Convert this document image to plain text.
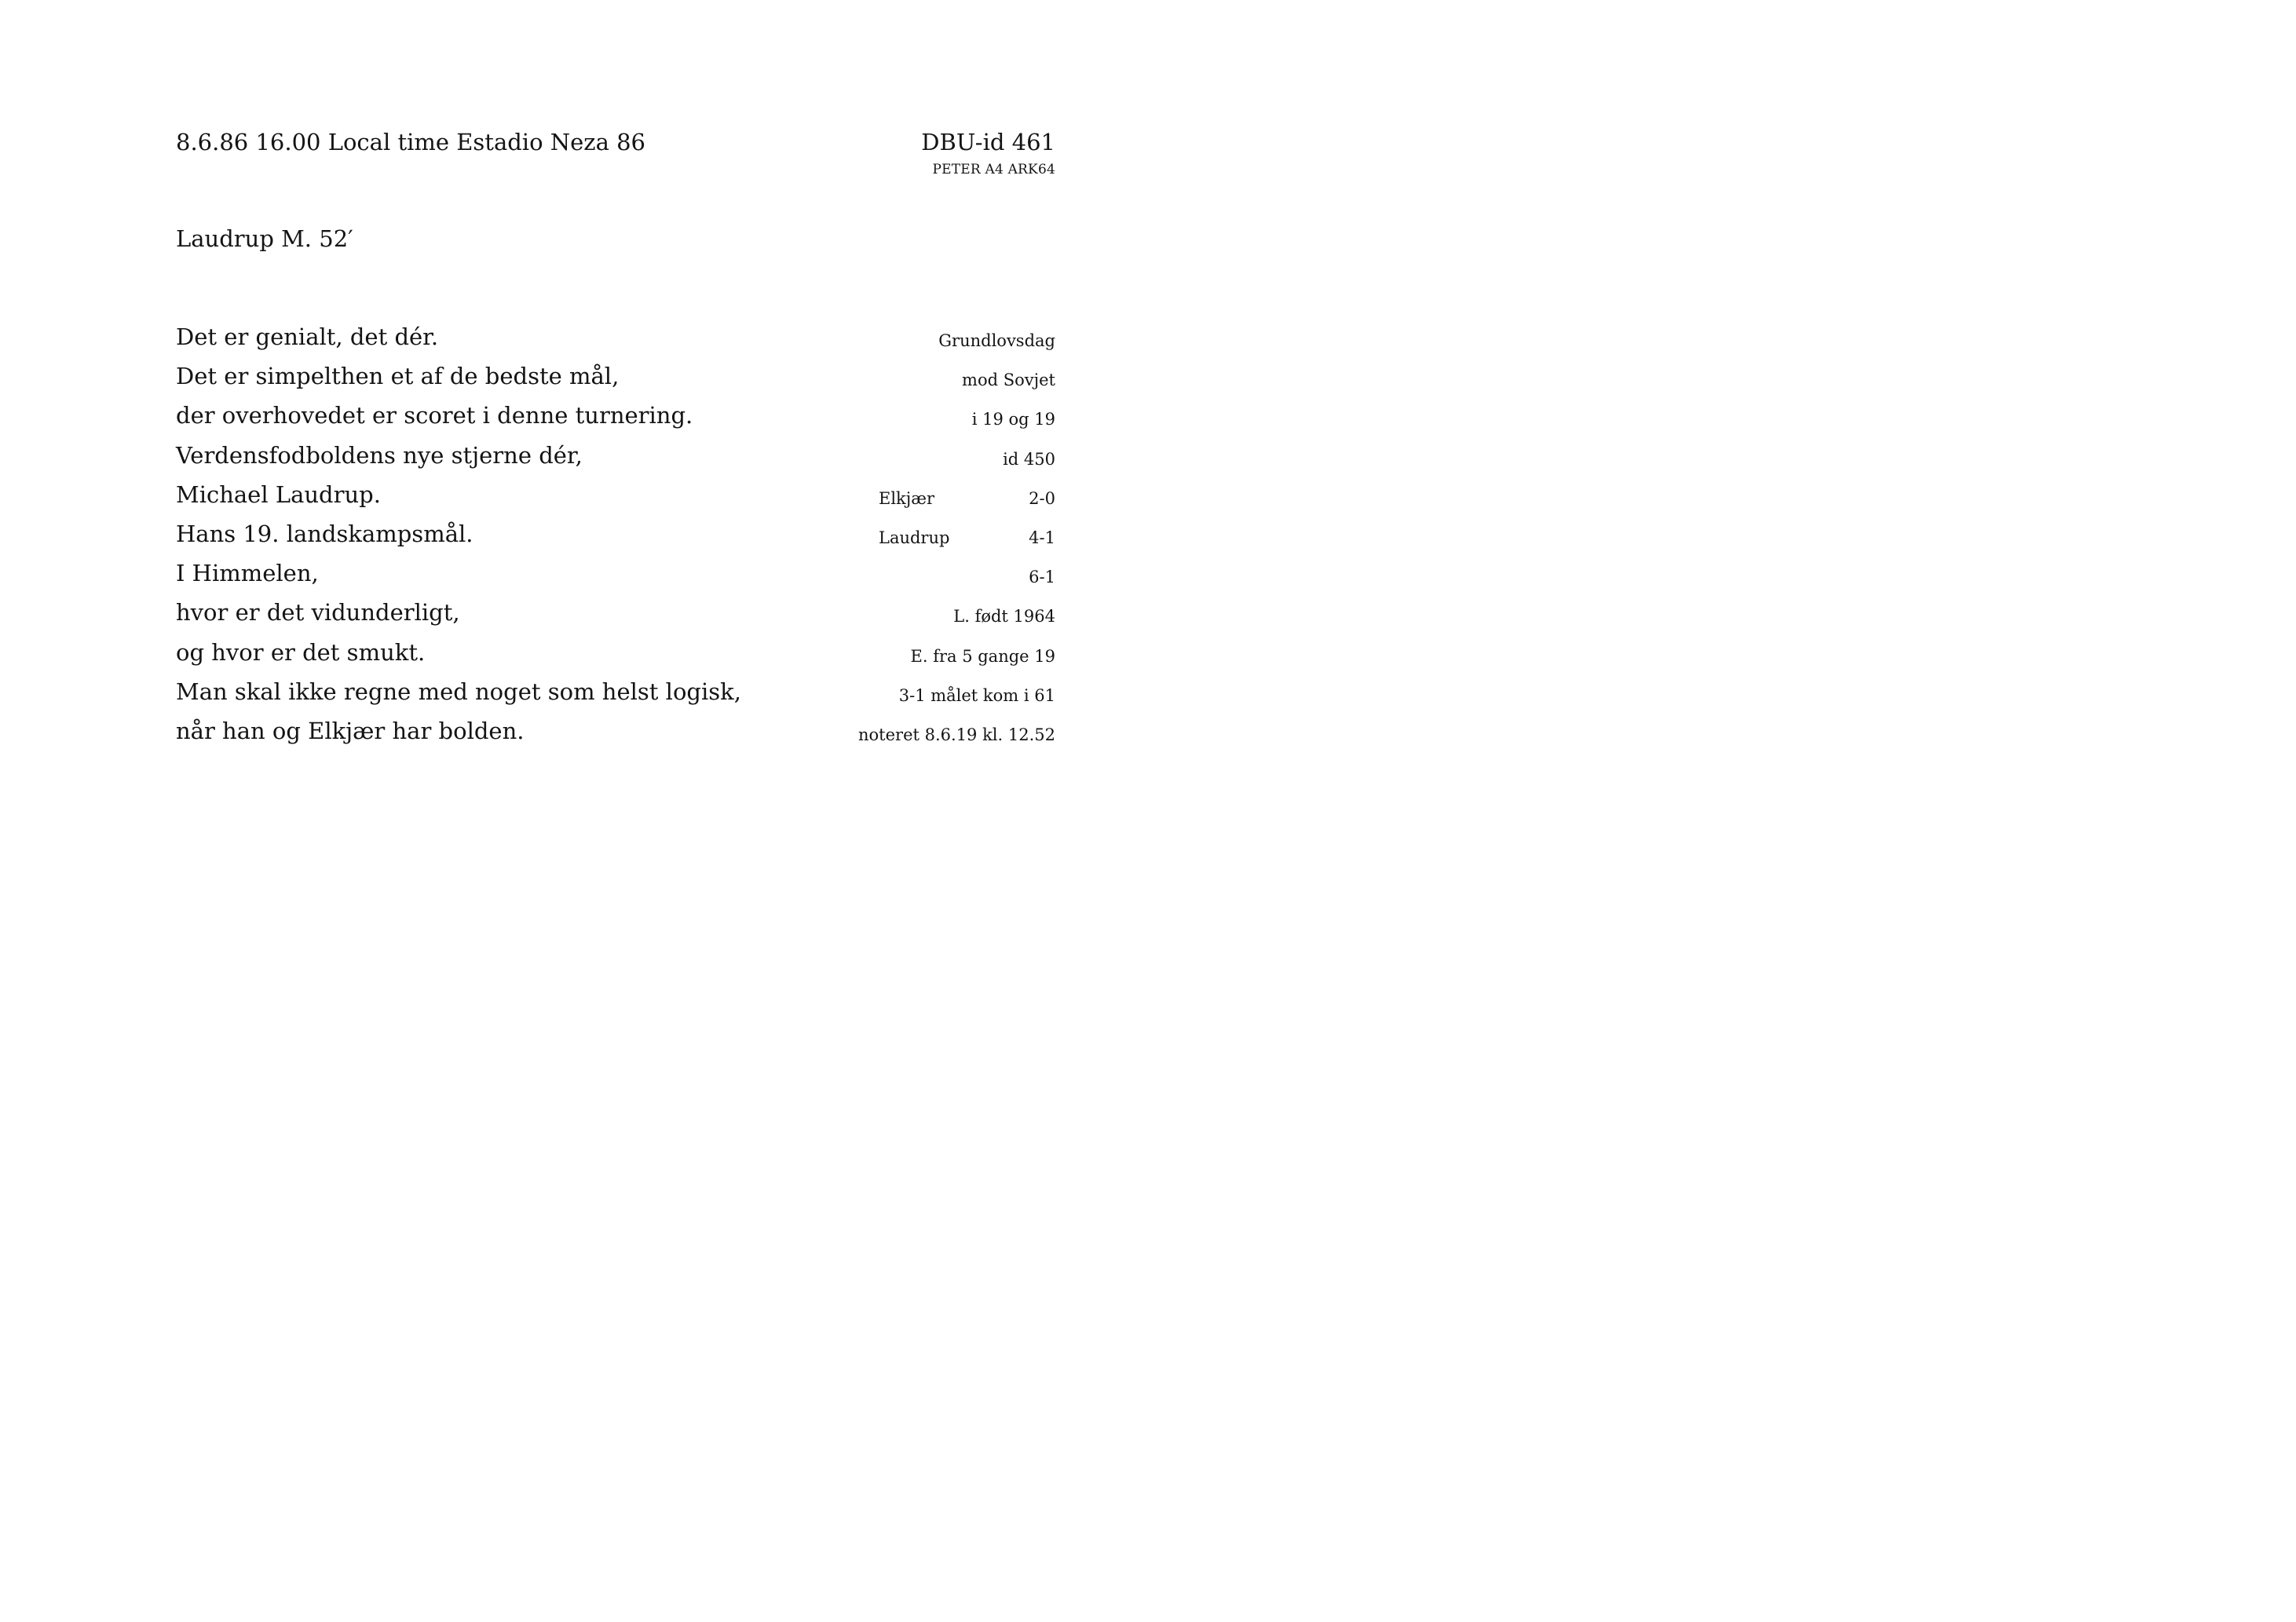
8.6.86 16.00 Local time Estadio Neza 86	DBU-id 461
PETER A4 ARK64
Laudrup M. 52′
Det er genialt, det dér.
Det er simpelthen et af de bedste mål,
der overhovedet er scoret i denne turnering.
Verdensfodboldens nye stjerne dér,
Michael Laudrup.
Hans 19. landskampsmål.
I Himmelen,
hvor er det vidunderligt,
og hvor er det smukt.
Man skal ikke regne med noget som helst logisk,
når han og Elkjær har bolden.
Grundlovsdag
mod Sovjet
i 19 og 19
id 450
Elkjær	2-0
Laudrup	4-1
6-1
L. født 1964
E. fra 5 gange 19
3-1 målet kom i 61
noteret 8.6.19 kl. 12.52
